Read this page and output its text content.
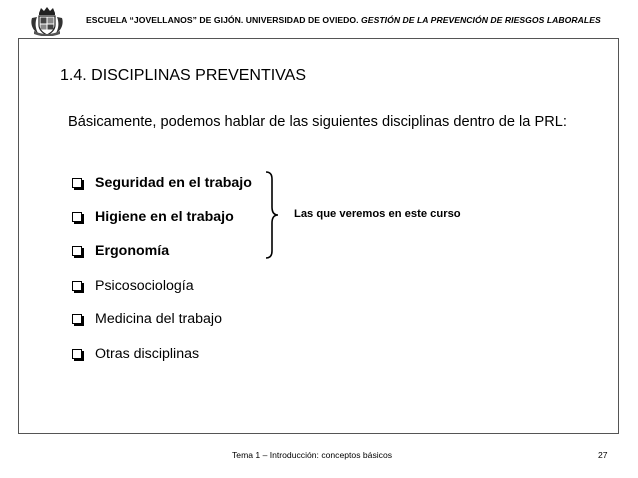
ESCUELA “JOVELLANOS” DE GIJÓN. UNIVERSIDAD DE OVIEDO. GESTIÓN DE LA PREVENCIÓN DE RIESGOS LABORALES
1.4. DISCIPLINAS PREVENTIVAS
Básicamente, podemos hablar de las siguientes disciplinas dentro de la PRL:
Seguridad en el trabajo
Higiene en el trabajo
Ergonomía
Psicosociología
Medicina del trabajo
Otras disciplinas
Las que veremos en este curso
Tema 1 – Introducción: conceptos básicos	27
